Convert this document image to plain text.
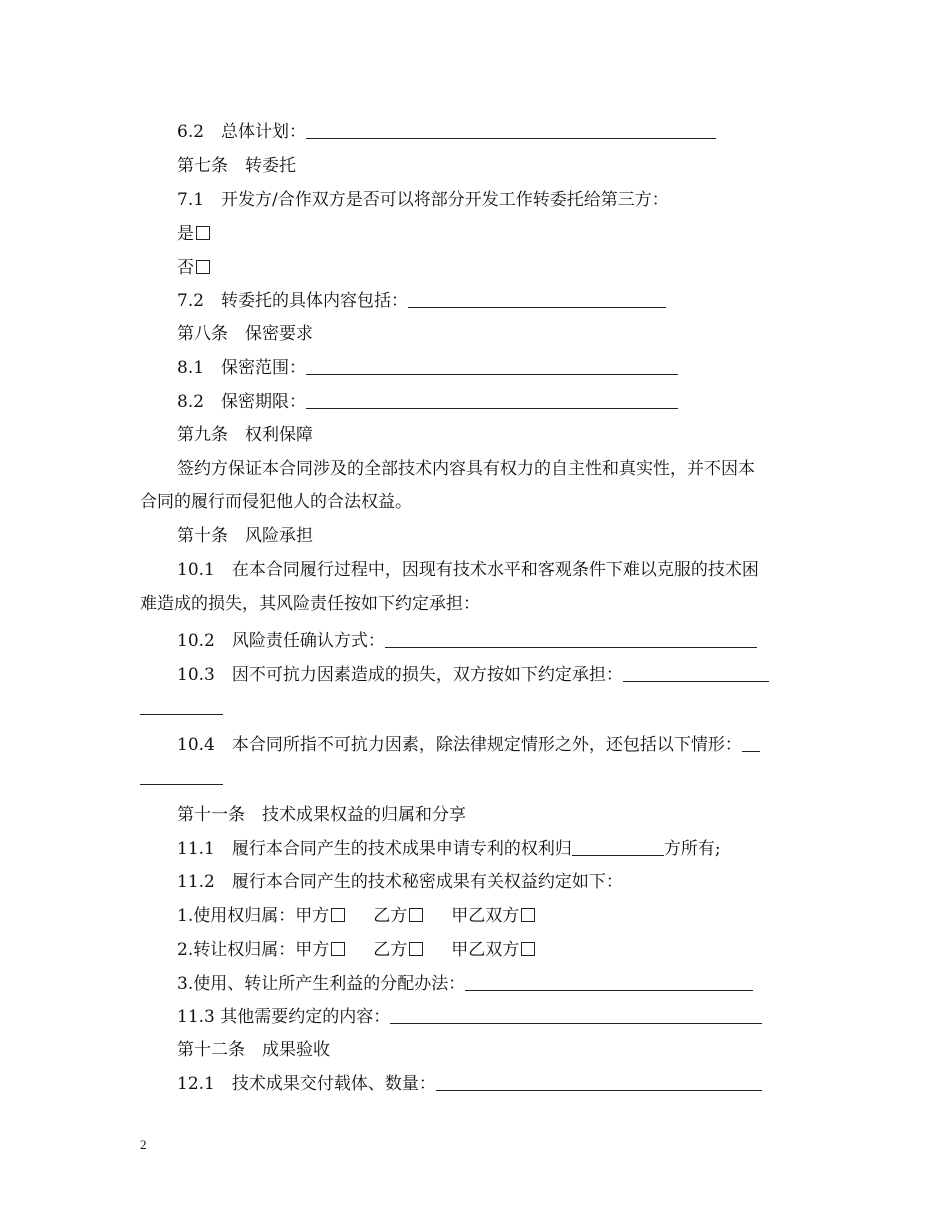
6.2　总体计划：
第七条　转委托
7.1　开发方/合作双方是否可以将部分开发工作转委托给第三方：
是
否
7.2　转委托的具体内容包括：
第八条　保密要求
8.1　保密范围：
8.2　保密期限：
第九条　权利保障
签约方保证本合同涉及的全部技术内容具有权力的自主性和真实性，并不因本
合同的履行而侵犯他人的合法权益。
第十条　风险承担
10.1　在本合同履行过程中，因现有技术水平和客观条件下难以克服的技术困
难造成的损失，其风险责任按如下约定承担：
10.2　风险责任确认方式：
10.3　因不可抗力因素造成的损失，双方按如下约定承担：
10.4　本合同所指不可抗力因素，除法律规定情形之外，还包括以下情形：
第十一条　技术成果权益的归属和分享
11.1　履行本合同产生的技术成果申请专利的权利归	方所有;
11.2　履行本合同产生的技术秘密成果有关权益约定如下：
1.使用权归属：甲方	乙方	甲乙双方
2.转让权归属：甲方	乙方	甲乙双方
3.使用、转让所产生利益的分配办法：
11.3 其他需要约定的内容：
第十二条　成果验收
12.1　技术成果交付载体、数量：
2
